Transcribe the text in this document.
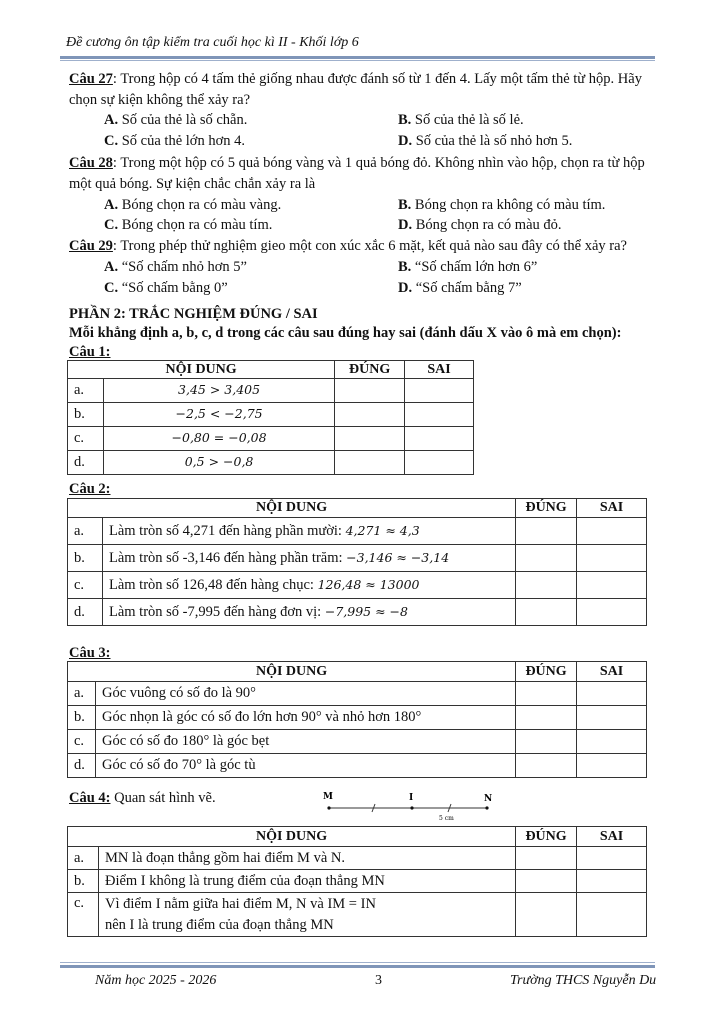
Đề cương ôn tập kiểm tra cuối học kì II - Khối lớp 6
Câu 27: Trong hộp có 4 tấm thẻ giống nhau được đánh số từ 1 đến 4. Lấy một tấm thẻ từ hộp. Hãy
chọn sự kiện không thể xảy ra?
A. Số của thẻ là số chẵn.	B. Số của thẻ là số lẻ.
C. Số của thẻ lớn hơn 4.	D. Số của thẻ là số nhỏ hơn 5.
Câu 28: Trong một hộp có 5 quả bóng vàng và 1 quả bóng đỏ. Không nhìn vào hộp, chọn ra từ hộp
một quả bóng. Sự kiện chắc chắn xảy ra là
A. Bóng chọn ra có màu vàng.	B. Bóng chọn ra không có màu tím.
C. Bóng chọn ra có màu tím.	D. Bóng chọn ra có màu đỏ.
Câu 29: Trong phép thử nghiệm gieo một con xúc xắc 6 mặt, kết quả nào sau đây có thể xảy ra?
A. “Số chấm nhỏ hơn 5”	B. “Số chấm lớn hơn 6”
C. “Số chấm bằng 0”	D. “Số chấm bằng 7”
PHẦN 2: TRẮC NGHIỆM ĐÚNG / SAI
Mỗi khẳng định a, b, c, d trong các câu sau đúng hay sai (đánh dấu X vào ô mà em chọn):
Câu 1:
NỘI DUNG		ĐÚNG	SAI
a.	3,45 > 3,405		
b.	−2,5 < −2,75		
c.	−0,80 = −0,08		
d.	0,5 > −0,8		
Câu 2:
NỘI DUNG		ĐÚNG	SAI
a.	Làm tròn số 4,271 đến hàng phần mười: 4,271 ≈ 4,3		
b.	Làm tròn số -3,146 đến hàng phần trăm: −3,146 ≈ −3,14		
c.	Làm tròn số 126,48 đến hàng chục: 126,48 ≈ 13000		
d.	Làm tròn số -7,995 đến hàng đơn vị: −7,995 ≈ −8		
Câu 3:
NỘI DUNG		ĐÚNG	SAI
a.	Góc vuông có số đo là 90°		
b.	Góc nhọn là góc có số đo lớn hơn 90° và nhỏ hơn 180°		
c.	Góc có số đo 180° là góc bẹt		
d.	Góc có số đo 70° là góc tù		
Câu 4: Quan sát hình vẽ.	M	I	N
5 cm
NỘI DUNG		ĐÚNG	SAI
a.	MN là đoạn thẳng gồm hai điểm M và N.		
b.	Điểm I không là trung điểm của đoạn thẳng MN		
c.	Vì điểm I nằm giữa hai điểm M, N và IM = IN
nên I là trung điểm của đoạn thẳng MN		

Năm học 2025 - 2026	3	Trường THCS Nguyễn Du
